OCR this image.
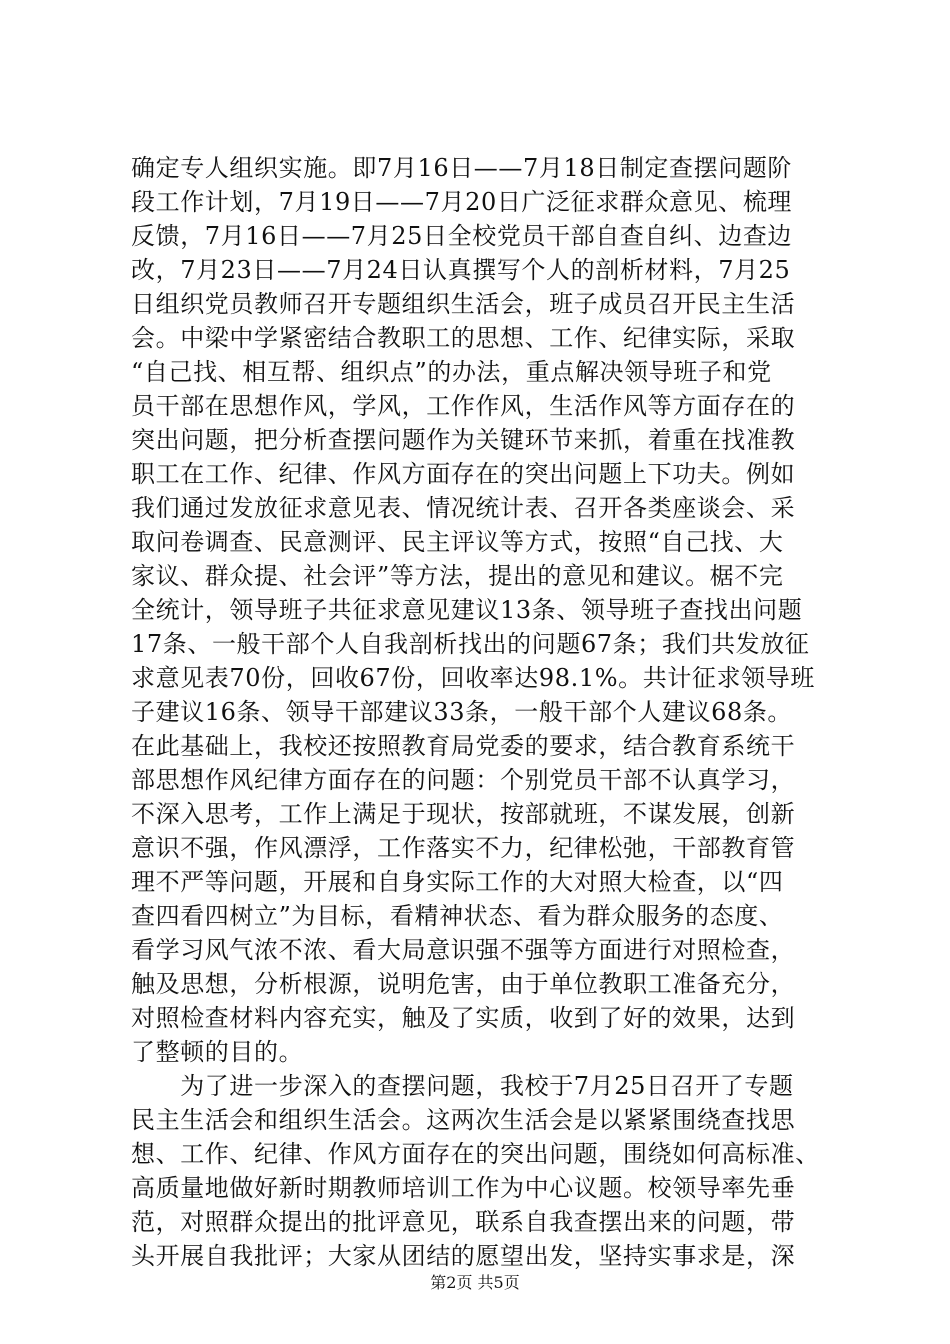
确定专人组织实施。即7月16日——7月18日制定查摆问题阶
段工作计划，7月19日——7月20日广泛征求群众意见、梳理
反馈，7月16日——7月25日全校党员干部自查自纠、边查边
改，7月23日——7月24日认真撰写个人的剖析材料，7月25
日组织党员教师召开专题组织生活会，班子成员召开民主生活
会。中梁中学紧密结合教职工的思想、工作、纪律实际，采取
“自己找、相互帮、组织点”的办法，重点解决领导班子和党
员干部在思想作风，学风，工作作风，生活作风等方面存在的
突出问题，把分析查摆问题作为关键环节来抓，着重在找准教
职工在工作、纪律、作风方面存在的突出问题上下功夫。例如
我们通过发放征求意见表、情况统计表、召开各类座谈会、采
取问卷调查、民意测评、民主评议等方式，按照“自己找、大
家议、群众提、社会评”等方法，提出的意见和建议。椐不完
全统计，领导班子共征求意见建议13条、领导班子查找出问题
17条、一般干部个人自我剖析找出的问题67条；我们共发放征
求意见表70份，回收67份，回收率达98.1%。共计征求领导班
子建议16条、领导干部建议33条，一般干部个人建议68条。
在此基础上，我校还按照教育局党委的要求，结合教育系统干
部思想作风纪律方面存在的问题：个别党员干部不认真学习，
不深入思考，工作上满足于现状，按部就班，不谋发展，创新
意识不强，作风漂浮，工作落实不力，纪律松弛，干部教育管
理不严等问题，开展和自身实际工作的大对照大检查，以“四
查四看四树立”为目标，看精神状态、看为群众服务的态度、
看学习风气浓不浓、看大局意识强不强等方面进行对照检查，
触及思想，分析根源，说明危害，由于单位教职工准备充分，
对照检查材料内容充实，触及了实质，收到了好的效果，达到
了整顿的目的。
　　为了进一步深入的查摆问题，我校于7月25日召开了专题
民主生活会和组织生活会。这两次生活会是以紧紧围绕查找思
想、工作、纪律、作风方面存在的突出问题，围绕如何高标准、
高质量地做好新时期教师培训工作为中心议题。校领导率先垂
范，对照群众提出的批评意见，联系自我查摆出来的问题，带
头开展自我批评；大家从团结的愿望出发，坚持实事求是，深
第2页 共5页
